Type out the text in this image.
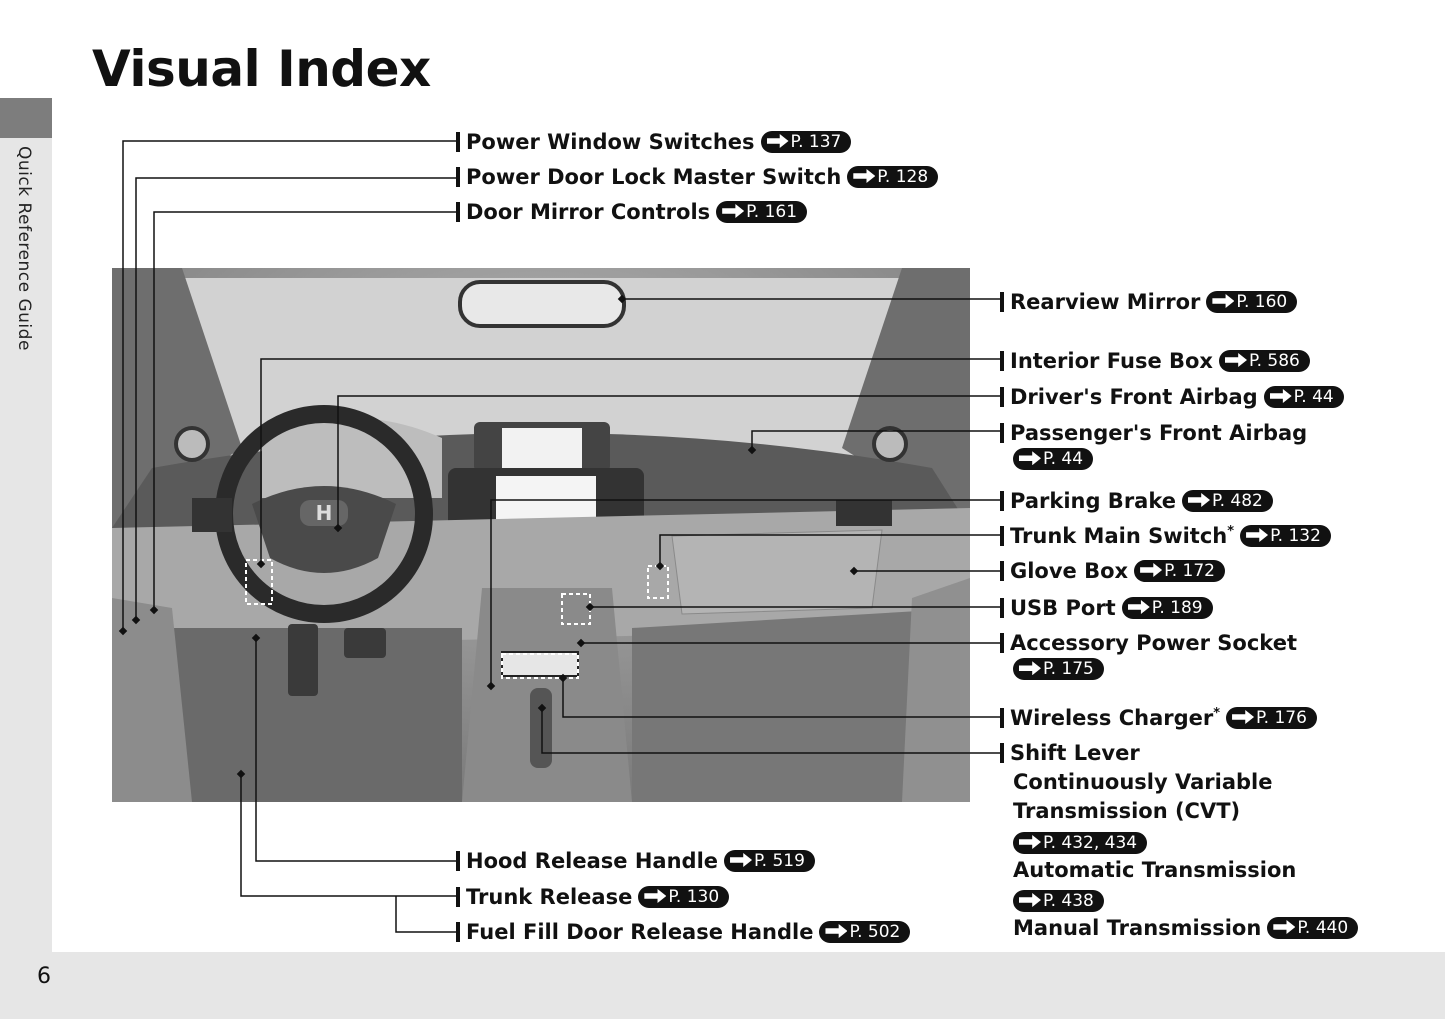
Quick Reference Guide
6
Visual Index
H
Power Window Switches P. 137
Power Door Lock Master Switch P. 128
Door Mirror Controls P. 161
Hood Release Handle P. 519
Trunk Release P. 130
Fuel Fill Door Release Handle P. 502
Rearview Mirror P. 160
Interior Fuse Box P. 586
Driver's Front Airbag P. 44
Passenger's Front Airbag
P. 44
Parking Brake P. 482
Trunk Main Switch* P. 132
Glove Box P. 172
USB Port P. 189
Accessory Power Socket
P. 175
Wireless Charger* P. 176
Shift Lever
Continuously Variable
Transmission (CVT)
P. 432, 434
Automatic Transmission
P. 438
Manual Transmission P. 440
